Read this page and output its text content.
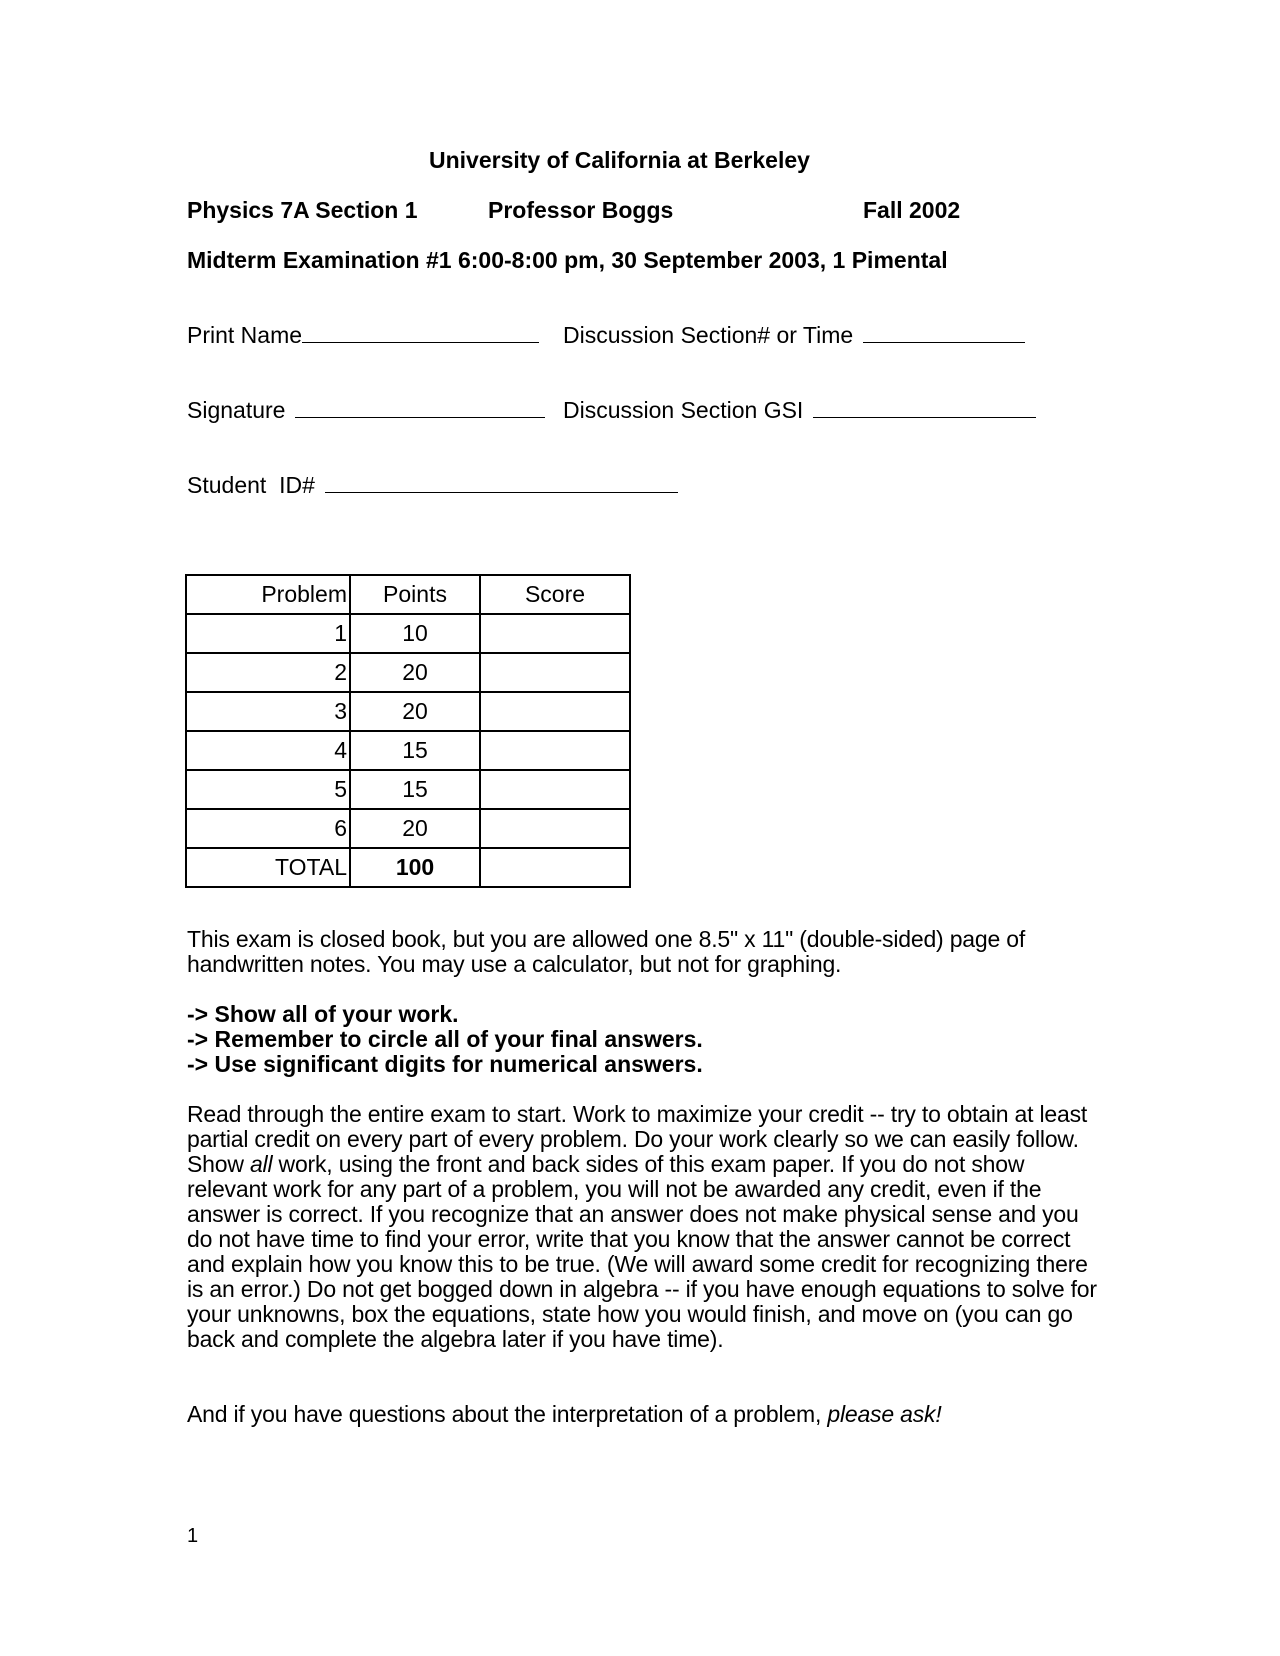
University of California at Berkeley
Physics 7A Section 1	Professor Boggs	Fall 2002
Midterm Examination #1 6:00-8:00 pm, 30 September 2003, 1 Pimental
Print Name	Discussion Section# or Time
Signature	Discussion Section GSI
Student  ID#
Problem	Points	Score
1	10	
2	20	
3	20	
4	15	
5	15	
6	20	
TOTAL	100	
This exam is closed book, but you are allowed one 8.5" x 11" (double-sided) page of handwritten notes. You may use a calculator, but not for graphing.
-> Show all of your work.
-> Remember to circle all of your final answers.
-> Use significant digits for numerical answers.
Read through the entire exam to start. Work to maximize your credit -- try to obtain at least partial credit on every part of every problem. Do your work clearly so we can easily follow. Show all work, using the front and back sides of this exam paper. If you do not show relevant work for any part of a problem, you will not be awarded any credit, even if the answer is correct. If you recognize that an answer does not make physical sense and you do not have time to find your error, write that you know that the answer cannot be correct and explain how you know this to be true. (We will award some credit for recognizing there is an error.) Do not get bogged down in algebra -- if you have enough equations to solve for your unknowns, box the equations, state how you would finish, and move on (you can go back and complete the algebra later if you have time).
And if you have questions about the interpretation of a problem, please ask!
1
